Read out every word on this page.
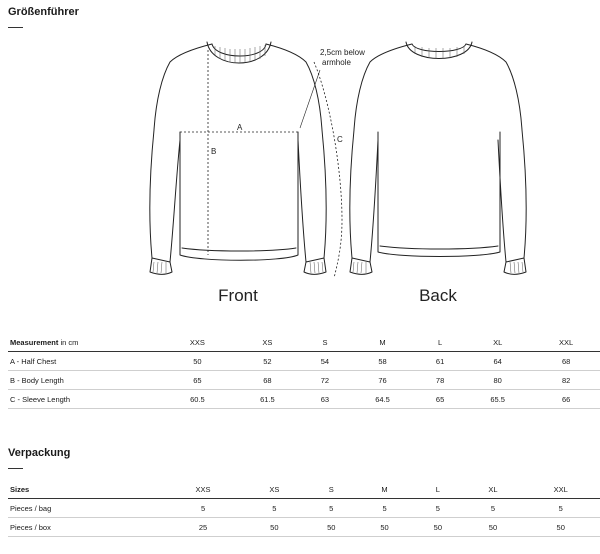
Größenführer
A
B
C
2,5cm below
armhole
Front	Back
Measurement in cm	XXS	XS	S	M	L	XL	XXL
A - Half Chest	50	52	54	58	61	64	68
B - Body Length	65	68	72	76	78	80	82
C - Sleeve Length	60.5	61.5	63	64.5	65	65.5	66
Verpackung
Sizes	XXS	XS	S	M	L	XL	XXL
Pieces / bag	5	5	5	5	5	5	5
Pieces / box	25	50	50	50	50	50	50
